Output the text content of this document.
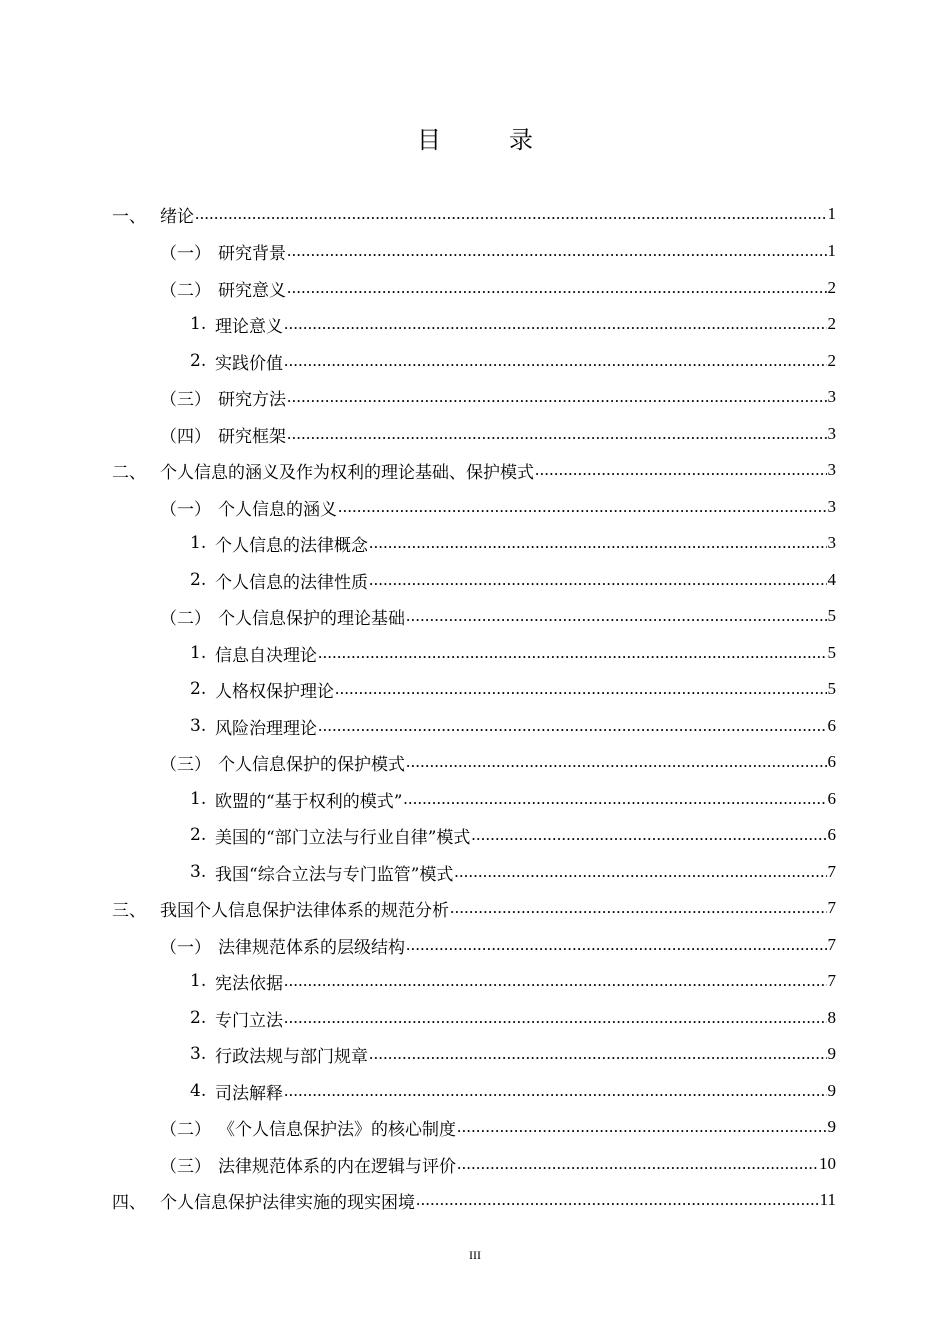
目　录
一、 绪论 .....	1
（一） 研究背景 .....	1
（二） 研究意义 .....	2
1. 理论意义 .....	2
2. 实践价值 .....	2
（三） 研究方法 .....	3
（四） 研究框架 .....	3
二、 个人信息的涵义及作为权利的理论基础、保护模式 .....	3
（一） 个人信息的涵义 .....	3
1. 个人信息的法律概念 .....	3
2. 个人信息的法律性质 .....	4
（二） 个人信息保护的理论基础 .....	5
1. 信息自决理论 .....	5
2. 人格权保护理论 .....	5
3. 风险治理理论 .....	6
（三） 个人信息保护的保护模式 .....	6
1. 欧盟的“基于权利的模式” .....	6
2. 美国的“部门立法与行业自律”模式 .....	6
3. 我国“综合立法与专门监管”模式 .....	7
三、 我国个人信息保护法律体系的规范分析 .....	7
（一） 法律规范体系的层级结构 .....	7
1. 宪法依据 .....	7
2. 专门立法 .....	8
3. 行政法规与部门规章 .....	9
4. 司法解释 .....	9
（二） 《个人信息保护法》的核心制度 .....	9
（三） 法律规范体系的内在逻辑与评价 .....	10
四、 个人信息保护法律实施的现实困境 .....	11
III
